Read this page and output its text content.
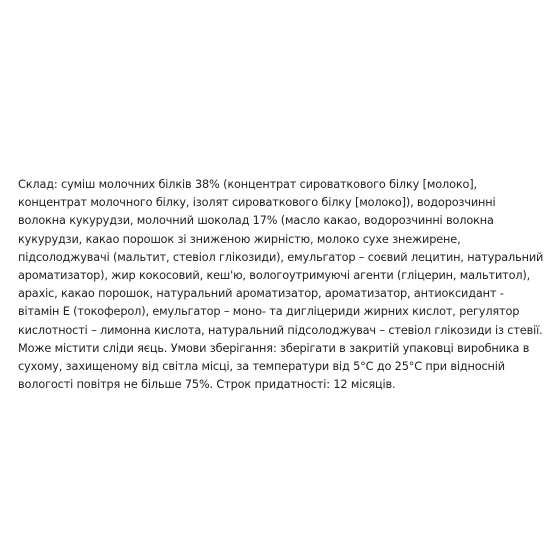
Склад: суміш молочних білків 38% (концентрат сироваткового білку [молоко],
концентрат молочного білку, ізолят сироваткового білку [молоко]), водорозчинні
волокна кукурудзи, молочний шоколад 17% (масло какао, водорозчинні волокна
кукурудзи, какао порошок зі зниженою жирністю, молоко сухе знежирене,
підсолоджувачі (мальтит, стевіол глікозиди), емульгатор – соєвий лецитин, натуральний
ароматизатор), жир кокосовий, кеш'ю, вологоутримуючі агенти (гліцерин, мальтитол),
арахіс, какао порошок, натуральний ароматизатор, ароматизатор, антиоксидант -
вітамін Е (токоферол), емульгатор – моно- та дигліцериди жирних кислот, регулятор
кислотності – лимонна кислота, натуральний підсолоджувач – стевіол глікозиди із стевії.
Може містити сліди яєць. Умови зберігання: зберігати в закритій упаковці виробника в
сухому, захищеному від світла місці, за температури від 5°С до 25°С при відносній
вологості повітря не більше 75%. Строк придатності: 12 місяців.
